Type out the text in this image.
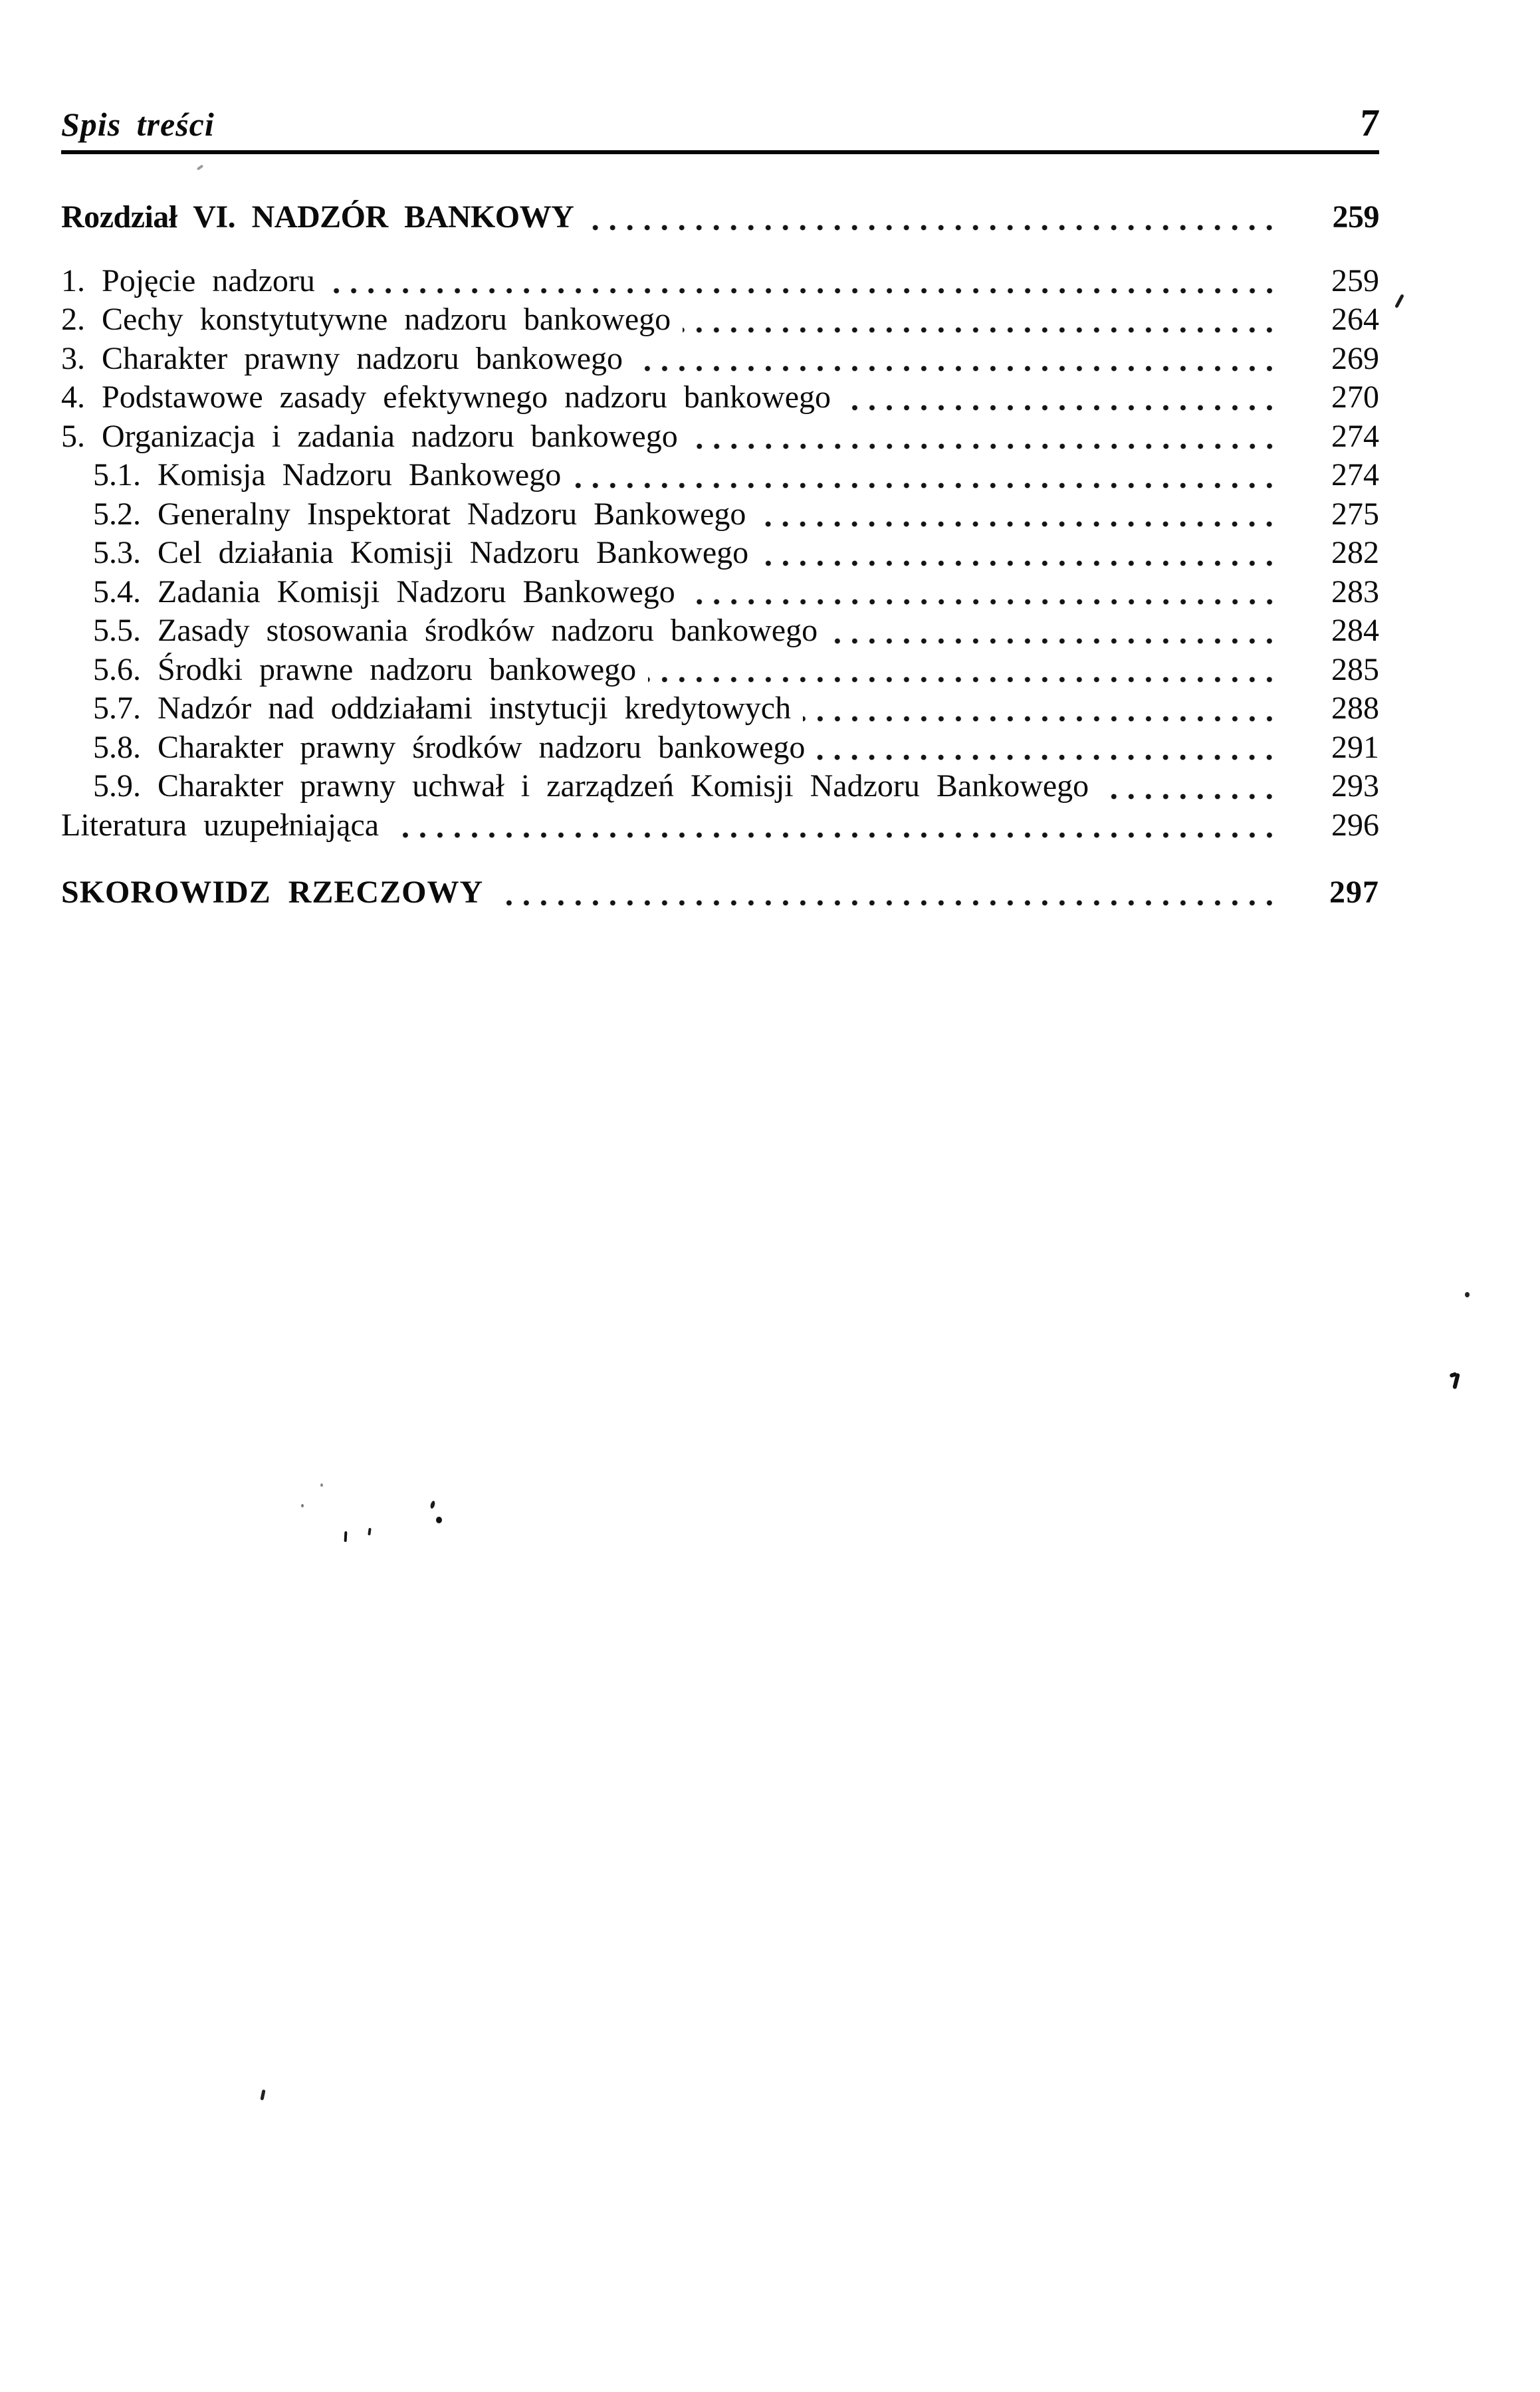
Spis treści	7
Rozdział VI. NADZÓR BANKOWY	259
1. Pojęcie nadzoru	259
2. Cechy konstytutywne nadzoru bankowego	264
3. Charakter prawny nadzoru bankowego	269
4. Podstawowe zasady efektywnego nadzoru bankowego	270
5. Organizacja i zadania nadzoru bankowego	274
5.1. Komisja Nadzoru Bankowego	274
5.2. Generalny Inspektorat Nadzoru Bankowego	275
5.3. Cel działania Komisji Nadzoru Bankowego	282
5.4. Zadania Komisji Nadzoru Bankowego	283
5.5. Zasady stosowania środków nadzoru bankowego	284
5.6. Środki prawne nadzoru bankowego	285
5.7. Nadzór nad oddziałami instytucji kredytowych	288
5.8. Charakter prawny środków nadzoru bankowego	291
5.9. Charakter prawny uchwał i zarządzeń Komisji Nadzoru Bankowego	293
Literatura uzupełniająca	296
SKOROWIDZ RZECZOWY	297
